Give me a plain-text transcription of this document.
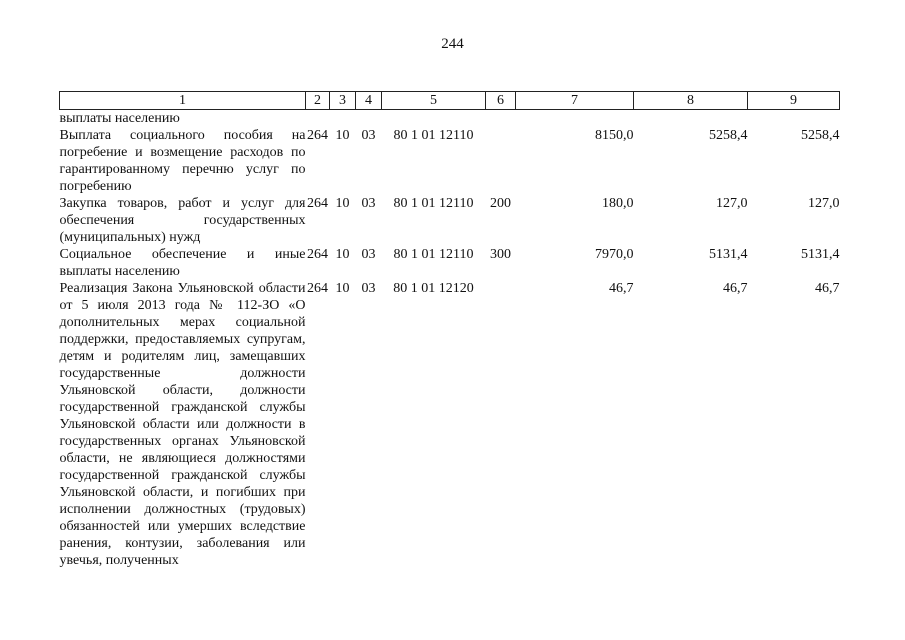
244
1	2	3	4	5	6	7	8	9
выплаты населению								
Выплата социального пособия на погребение и возмещение расходов по гарантированному перечню услуг по погребению	264	10	03	80 1 01 12110		8150,0	5258,4	5258,4
Закупка товаров, работ и услуг для обеспечения государственных (муниципальных) нужд	264	10	03	80 1 01 12110	200	180,0	127,0	127,0
Социальное обеспечение и иные выплаты населению	264	10	03	80 1 01 12110	300	7970,0	5131,4	5131,4
Реализация Закона Ульяновской области от 5 июля 2013 года № 112-ЗО «О дополнительных мерах социальной поддержки, предоставляемых супругам, детям и родителям лиц, замещавших государственные должности Ульяновской области, должности государственной гражданской службы Ульяновской области или должности в государственных органах Ульяновской области, не являющиеся должностями государственной гражданской службы Ульяновской области, и погибших при исполнении должностных (трудовых) обязанностей или умерших вследствие ранения, контузии, заболевания или увечья, полученных	264	10	03	80 1 01 12120		46,7	46,7	46,7
